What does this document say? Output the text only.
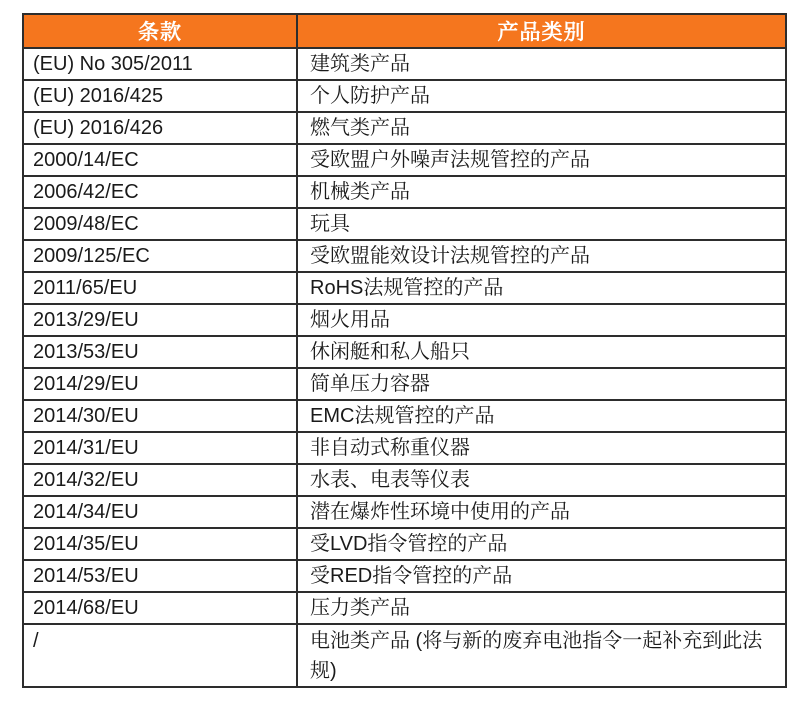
条款	产品类别
(EU) No 305/2011	建筑类产品
(EU) 2016/425	个人防护产品
(EU) 2016/426	燃气类产品
2000/14/EC	受欧盟户外噪声法规管控的产品
2006/42/EC	机械类产品
2009/48/EC	玩具
2009/125/EC	受欧盟能效设计法规管控的产品
2011/65/EU	RoHS法规管控的产品
2013/29/EU	烟火用品
2013/53/EU	休闲艇和私人船只
2014/29/EU	简单压力容器
2014/30/EU	EMC法规管控的产品
2014/31/EU	非自动式称重仪器
2014/32/EU	水表、电表等仪表
2014/34/EU	潜在爆炸性环境中使用的产品
2014/35/EU	受LVD指令管控的产品
2014/53/EU	受RED指令管控的产品
2014/68/EU	压力类产品
/	电池类产品 (将与新的废弃电池指令一起补充到此法规)
